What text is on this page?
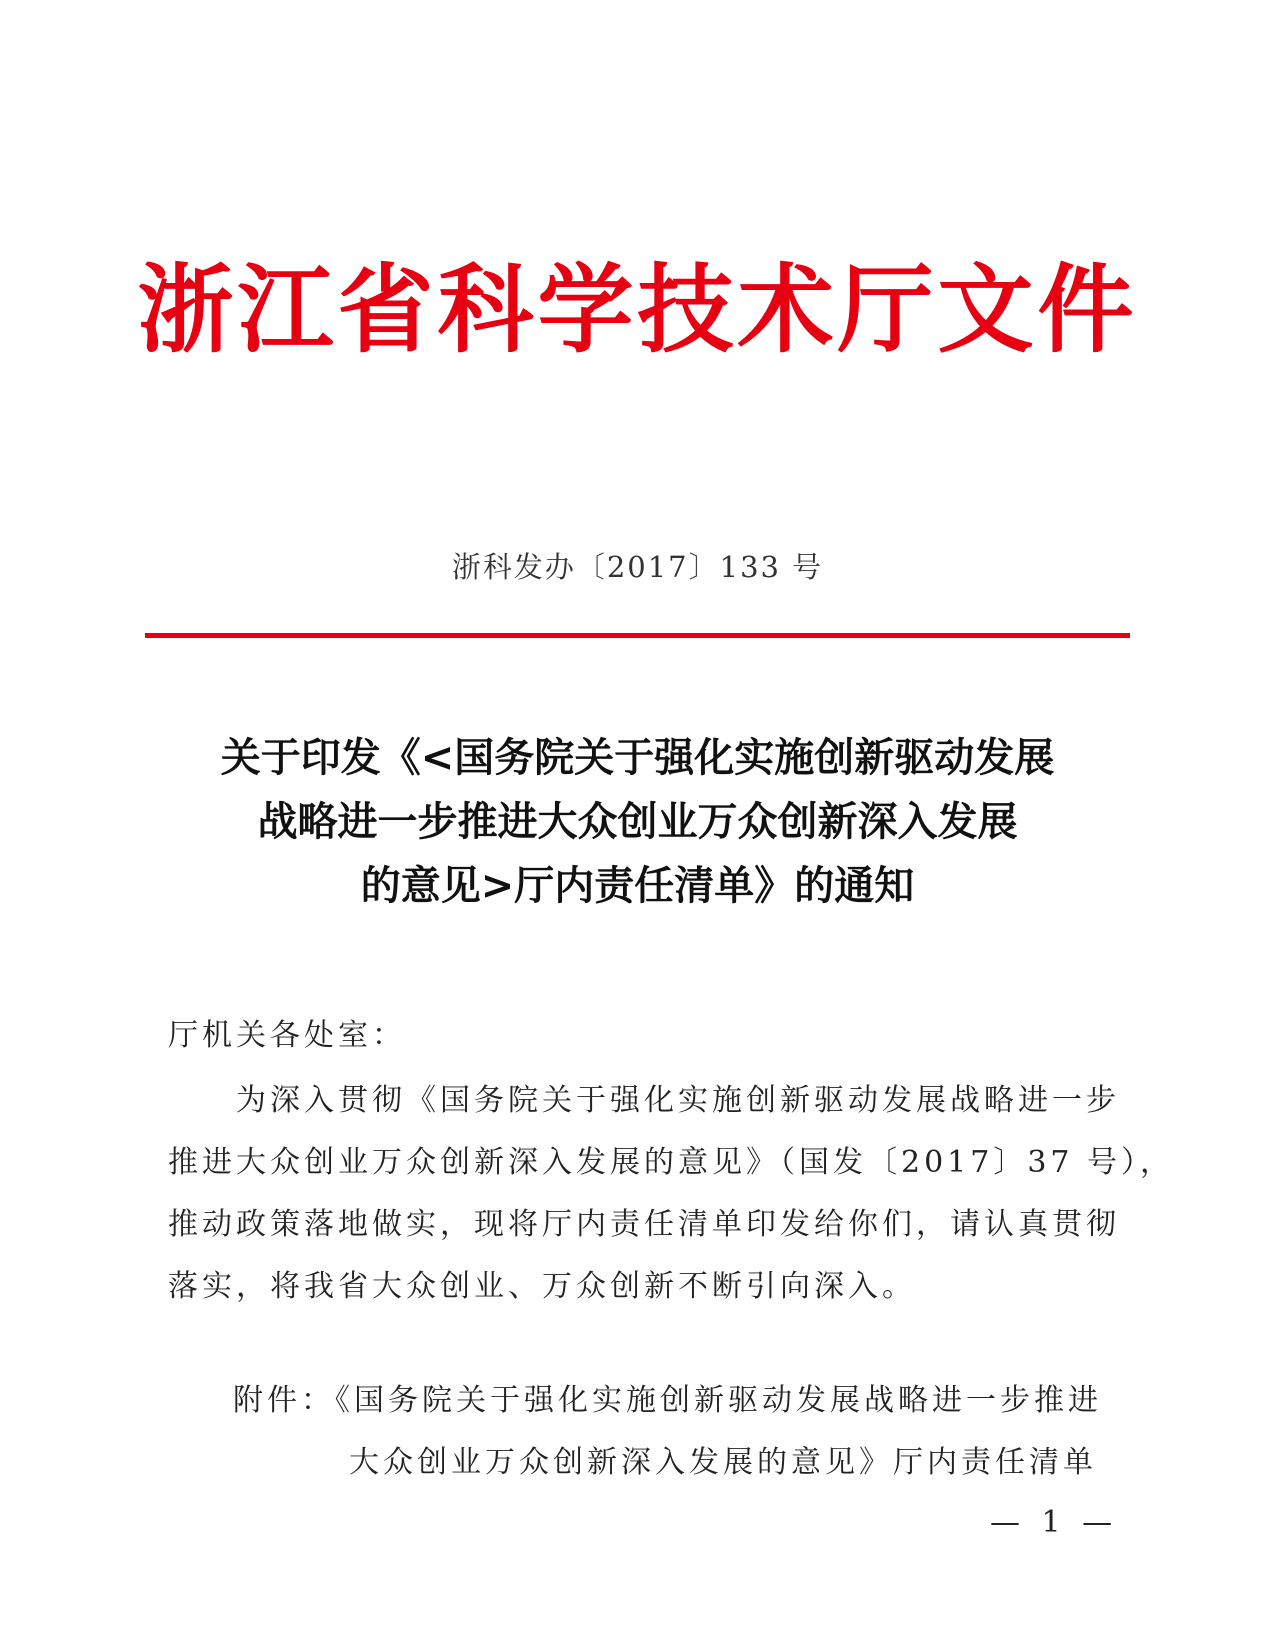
浙江省科学技术厅文件
浙科发办〔2017〕133 号
关于印发《<国务院关于强化实施创新驱动发展
战略进一步推进大众创业万众创新深入发展
的意见>厅内责任清单》的通知
厅机关各处室：
　　为深入贯彻《国务院关于强化实施创新驱动发展战略进一步
推进大众创业万众创新深入发展的意见》（国发〔2017〕37 号），
推动政策落地做实，现将厅内责任清单印发给你们，请认真贯彻
落实，将我省大众创业、万众创新不断引向深入。
附件：《国务院关于强化实施创新驱动发展战略进一步推进
大众创业万众创新深入发展的意见》厅内责任清单
— 1 —
